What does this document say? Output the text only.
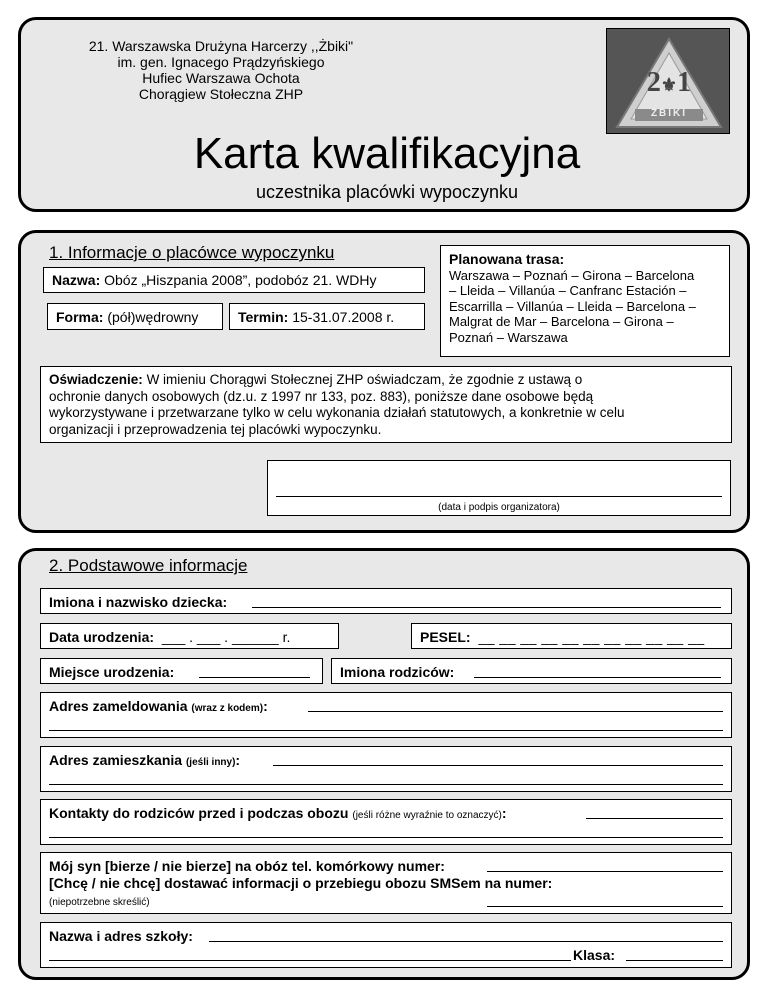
21. Warszawska Drużyna Harcerzy ,,Żbiki"
im. gen. Ignacego Prądzyńskiego
Hufiec Warszawa Ochota
Chorągiew Stołeczna ZHP	2⚜1
ŻBIKI
Karta kwalifikacyjna
uczestnika placówki wypoczynku
1. Informacje o placówce wypoczynku
Nazwa: Obóz „Hiszpania 2008”, podobóz 21. WDHy
Forma: (pół)wędrowny	Termin: 15-31.07.2008 r.
Planowana trasa:
Warszawa – Poznań – Girona – Barcelona
– Lleida – Villanúa – Canfranc Estación –
Escarrilla – Villanúa – Lleida – Barcelona –
Malgrat de Mar – Barcelona – Girona –
Poznań – Warszawa
Oświadczenie: W imieniu Chorągwi Stołecznej ZHP oświadczam, że zgodnie z ustawą o
ochronie danych osobowych (dz.u. z 1997 nr 133, poz. 883), poniższe dane osobowe będą
wykorzystywane i przetwarzane tylko w celu wykonania działań statutowych, a konkretnie w celu
organizacji i przeprowadzenia tej placówki wypoczynku.
(data i podpis organizatora)
2. Podstawowe informacje
Imiona i nazwisko dziecka:
Data urodzenia: ___ . ___ . ______ r.	PESEL: __ __ __ __ __ __ __ __ __ __ __
Miejsce urodzenia:	Imiona rodziców:
Adres zameldowania (wraz z kodem):
Adres zamieszkania (jeśli inny):
Kontakty do rodziców przed i podczas obozu (jeśli różne wyraźnie to oznaczyć):
Mój syn [bierze / nie bierze] na obóz tel. komórkowy numer:
[Chcę / nie chcę] dostawać informacji o przebiegu obozu SMSem na numer:
(niepotrzebne skreślić)
Nazwa i adres szkoły:
Klasa:
